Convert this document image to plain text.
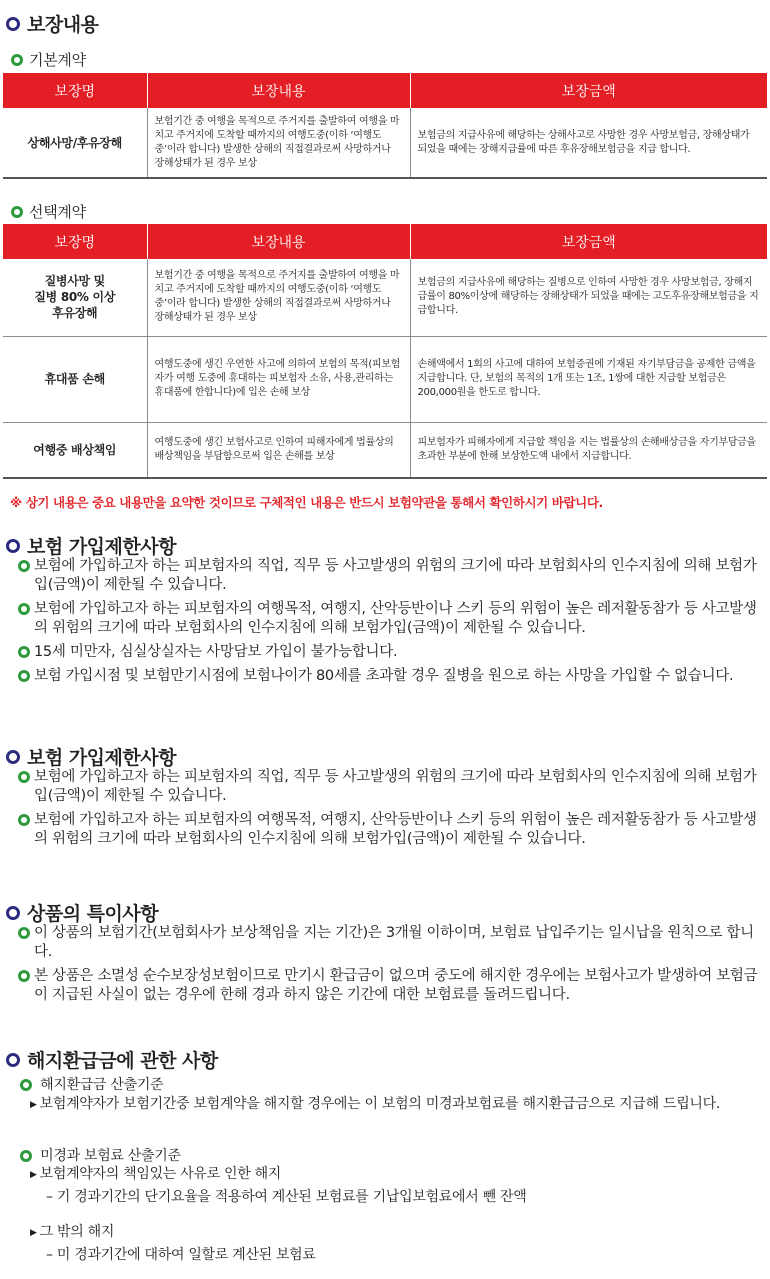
보장내용
기본계약
보장명	보장내용	보장금액
상해사망/후유장해	보험기간 중 여행을 목적으로 주거지를 출발하여 여행을 마치고 주거지에 도착할 때까지의 여행도중(이하 ‘여행도중’이라 합니다) 발생한 상해의 직접결과로써 사망하거나 장해상태가 된 경우 보상	보험금의 지급사유에 해당하는 상해사고로 사망한 경우 사망보험금, 장해상태가 되었을 때에는 장해지급률에 따른 후유장해보험금을 지급 합니다.
선택계약
보장명	보장내용	보장금액

질병사망 및
질병 80% 이상
후유장해	보험기간 중 여행을 목적으로 주거지를 출발하여 여행을 마치고 주거지에 도착할 때까지의 여행도중(이하 ‘여행도중’이라 합니다) 발생한 상해의 직접결과로써 사망하거나 장해상태가 된 경우 보상	보험금의 지급사유에 해당하는 질병으로 인하여 사망한 경우 사망보험금, 장해지급률이 80%이상에 해당하는 장해상태가 되었을 때에는 고도후유장해보험금을 지급합니다.
휴대품 손해	여행도중에 생긴 우연한 사고에 의하여 보험의 목적(피보험자가 여행 도중에 휴대하는 피보험자 소유, 사용,관리하는 휴대품에 한합니다)에 입은 손해 보상	손해액에서 1회의 사고에 대하여 보험증권에 기재된 자기부담금을 공제한 금액을 지급합니다. 단, 보험의 목적의 1개 또는 1조, 1쌍에 대한 지급할 보험금은 200,000원을 한도로 합니다.
여행중 배상책임	여행도중에 생긴 보험사고로 인하여 피해자에게 법률상의 배상책임을 부담함으로써 입은 손해를 보상	피보험자가 피해자에게 지급할 책임을 지는 법률상의 손해배상금을 자기부담금을 초과한 부분에 한해 보상한도액 내에서 지급합니다.
※ 상기 내용은 중요 내용만을 요약한 것이므로 구체적인 내용은 반드시 보험약관을 통해서 확인하시기 바랍니다.
보험 가입제한사항
보험에 가입하고자 하는 피보험자의 직업, 직무 등 사고발생의 위험의 크기에 따라 보험회사의 인수지침에 의해 보험가입(금액)이 제한될 수 있습니다.
보험에 가입하고자 하는 피보험자의 여행목적, 여행지, 산악등반이나 스키 등의 위험이 높은 레저활동참가 등 사고발생의 위험의 크기에 따라 보험회사의 인수지침에 의해 보험가입(금액)이 제한될 수 있습니다.
15세 미만자, 심실상실자는 사망담보 가입이 불가능합니다.
보험 가입시점 및 보험만기시점에 보험나이가 80세를 초과할 경우 질병을 원으로 하는 사망을 가입할 수 없습니다.
보험 가입제한사항
보험에 가입하고자 하는 피보험자의 직업, 직무 등 사고발생의 위험의 크기에 따라 보험회사의 인수지침에 의해 보험가입(금액)이 제한될 수 있습니다.
보험에 가입하고자 하는 피보험자의 여행목적, 여행지, 산악등반이나 스키 등의 위험이 높은 레저활동참가 등 사고발생의 위험의 크기에 따라 보험회사의 인수지침에 의해 보험가입(금액)이 제한될 수 있습니다.
상품의 특이사항
이 상품의 보험기간(보험회사가 보상책임을 지는 기간)은 3개월 이하이며, 보험료 납입주기는 일시납을 원칙으로 합니다.
본 상품은 소멸성 순수보장성보험이므로 만기시 환급금이 없으며 중도에 해지한 경우에는 보험사고가 발생하여 보험금이 지급된 사실이 없는 경우에 한해 경과 하지 않은 기간에 대한 보험료를 돌려드립니다.
해지환급금에 관한 사항
해지환급금 산출기준
▶ 보험계약자가 보험기간중 보험계약을 해지할 경우에는 이 보험의 미경과보험료를 해지환급금으로 지급해 드립니다.
미경과 보험료 산출기준
▶ 보험계약자의 책임있는 사유로 인한 해지
– 기 경과기간의 단기요율을 적용하여 계산된 보험료를 기납입보험료에서 뺀 잔액
▶ 그 밖의 해지
– 미 경과기간에 대하여 일할로 계산된 보험료
